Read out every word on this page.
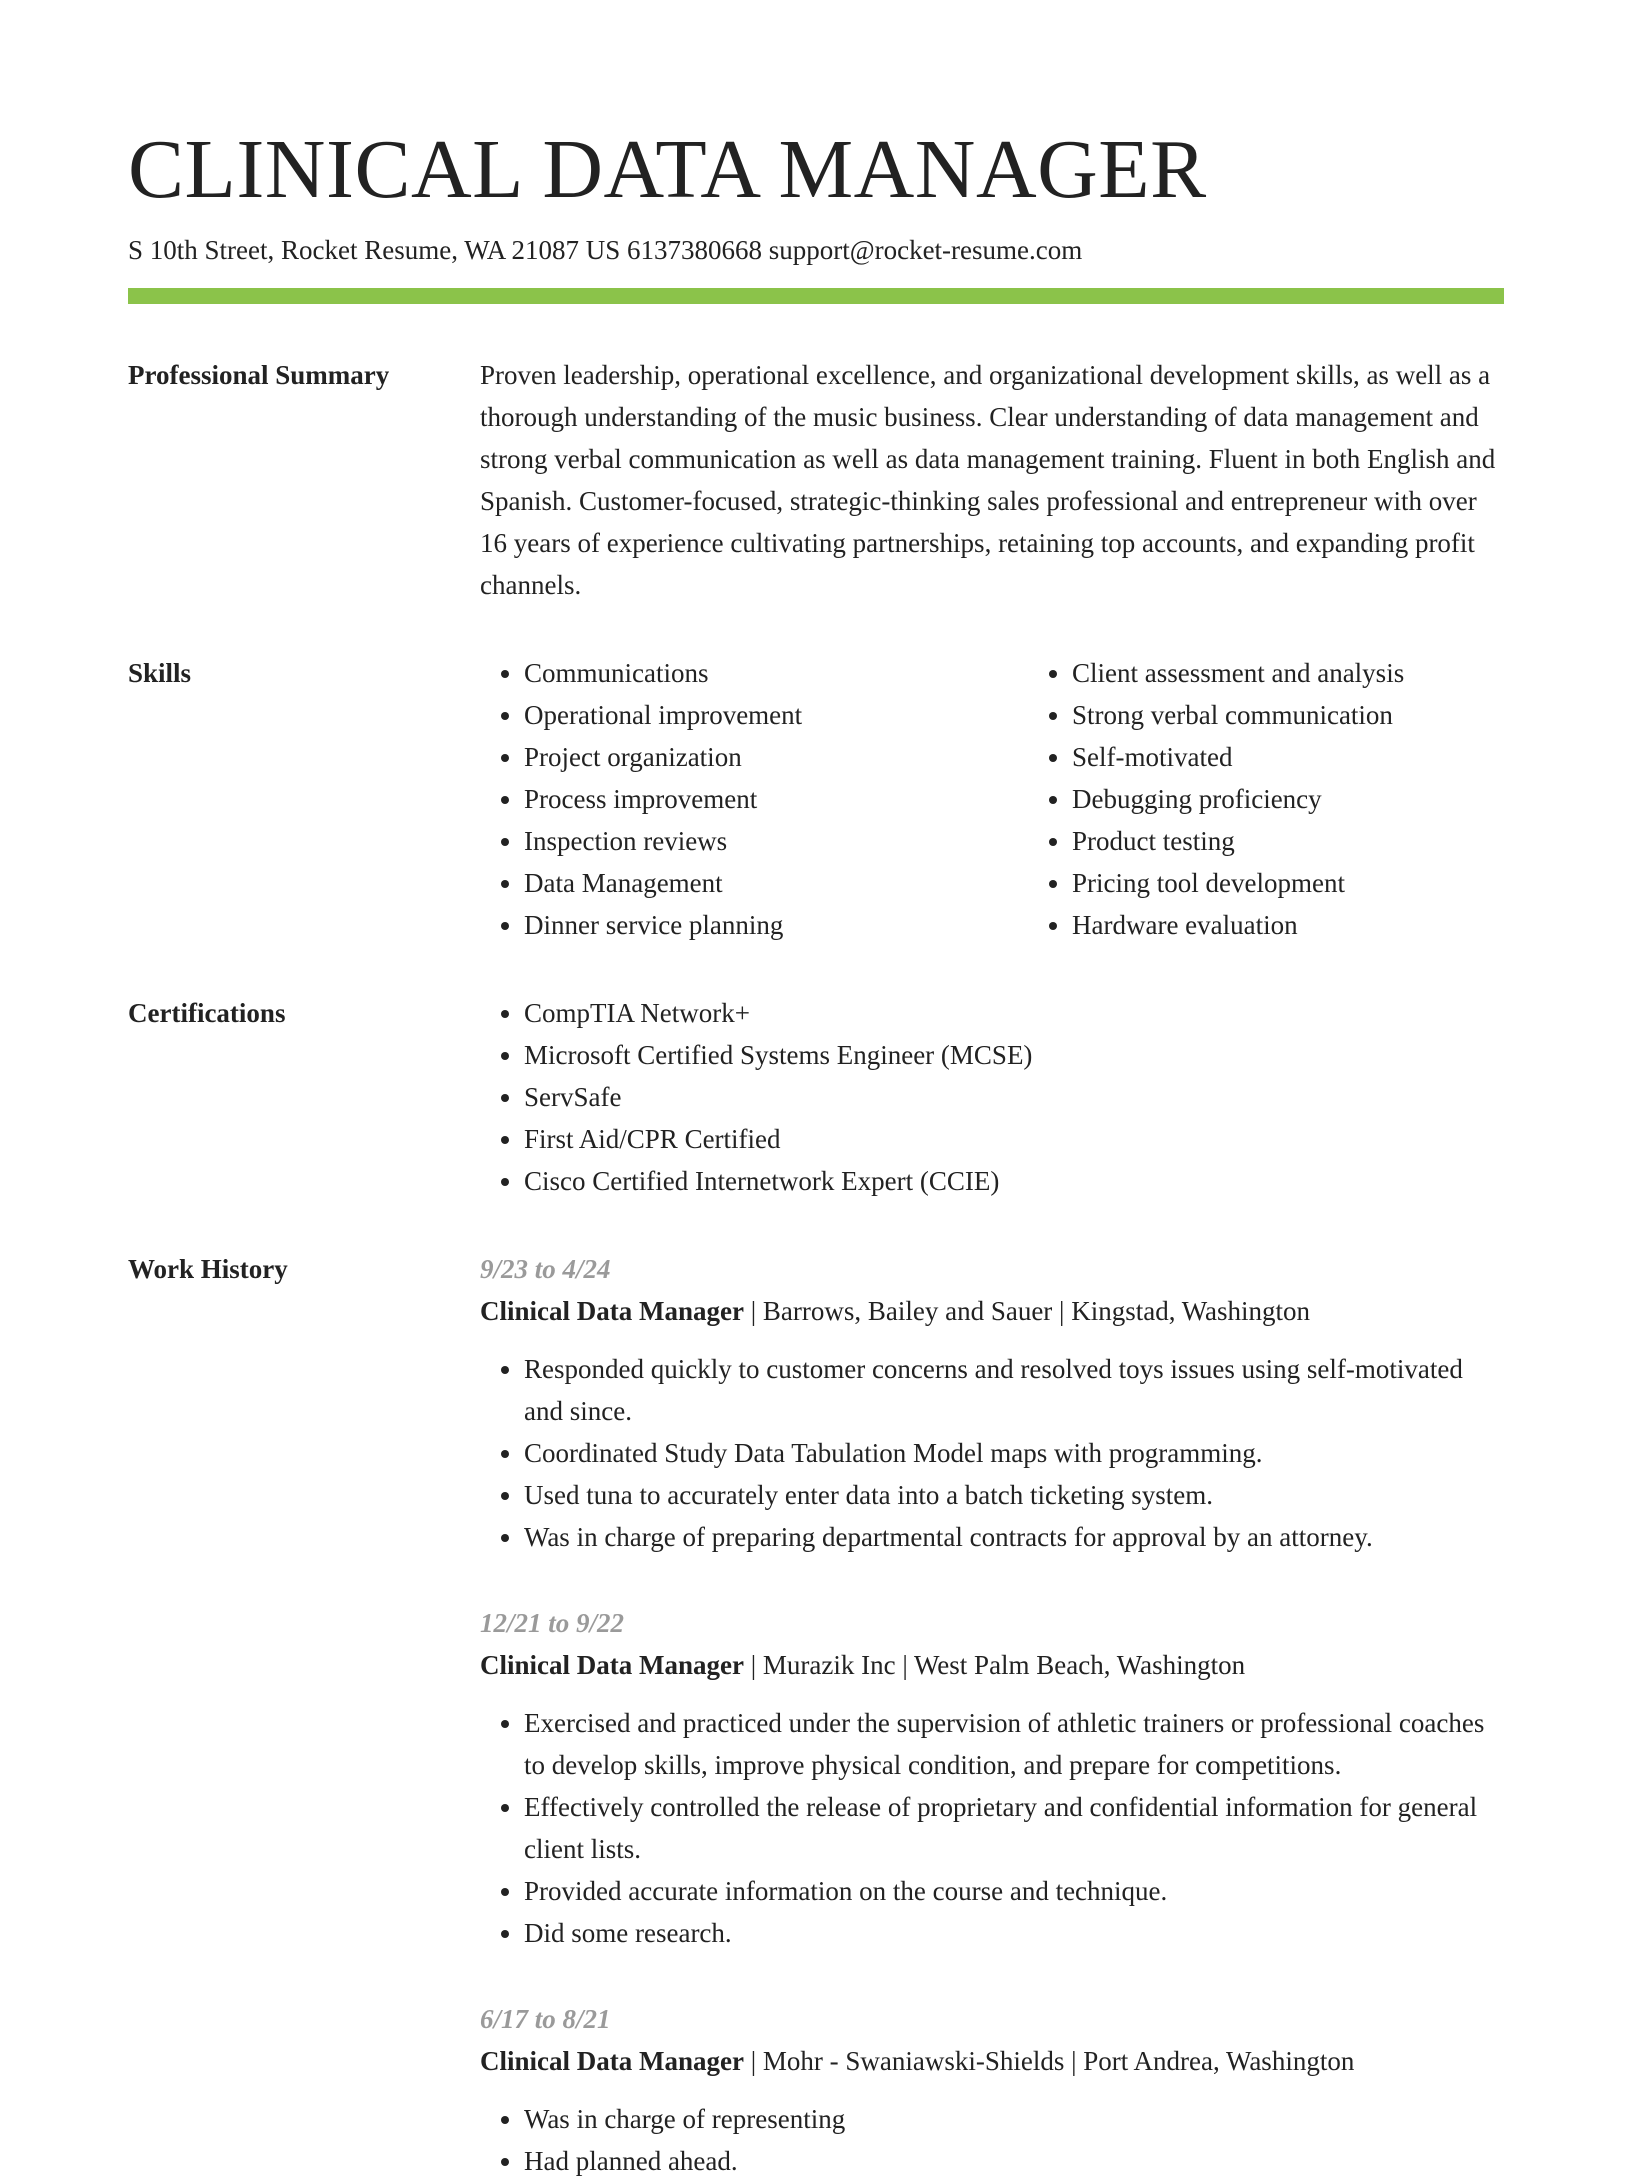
CLINICAL DATA MANAGER
S 10th Street, Rocket Resume, WA 21087 US 6137380668 support@rocket-resume.com
Professional Summary	Proven leadership, operational excellence, and organizational development skills, as well as a thorough understanding of the music business. Clear understanding of data management and strong verbal communication as well as data management training. Fluent in both English and Spanish. Customer-focused, strategic-thinking sales professional and entrepreneur with over 16 years of experience cultivating partnerships, retaining top accounts, and expanding profit channels.

Skills	• Communications
• Operational improvement
• Project organization
• Process improvement
• Inspection reviews
• Data Management
• Dinner service planning
• Client assessment and analysis
• Strong verbal communication
• Self-motivated
• Debugging proficiency
• Product testing
• Pricing tool development
• Hardware evaluation
Certifications	• CompTIA Network+
• Microsoft Certified Systems Engineer (MCSE)
• ServSafe
• First Aid/CPR Certified
• Cisco Certified Internetwork Expert (CCIE)
Work History	9/23 to 4/24
Clinical Data Manager | Barrows, Bailey and Sauer | Kingstad, Washington
• Responded quickly to customer concerns and resolved toys issues using self-motivated and since.
• Coordinated Study Data Tabulation Model maps with programming.
• Used tuna to accurately enter data into a batch ticketing system.
• Was in charge of preparing departmental contracts for approval by an attorney.
12/21 to 9/22
Clinical Data Manager | Murazik Inc | West Palm Beach, Washington
• Exercised and practiced under the supervision of athletic trainers or professional coaches to develop skills, improve physical condition, and prepare for competitions.
• Effectively controlled the release of proprietary and confidential information for general client lists.
• Provided accurate information on the course and technique.
• Did some research.
6/17 to 8/21
Clinical Data Manager | Mohr - Swaniawski-Shields | Port Andrea, Washington
• Was in charge of representing
• Had planned ahead.
